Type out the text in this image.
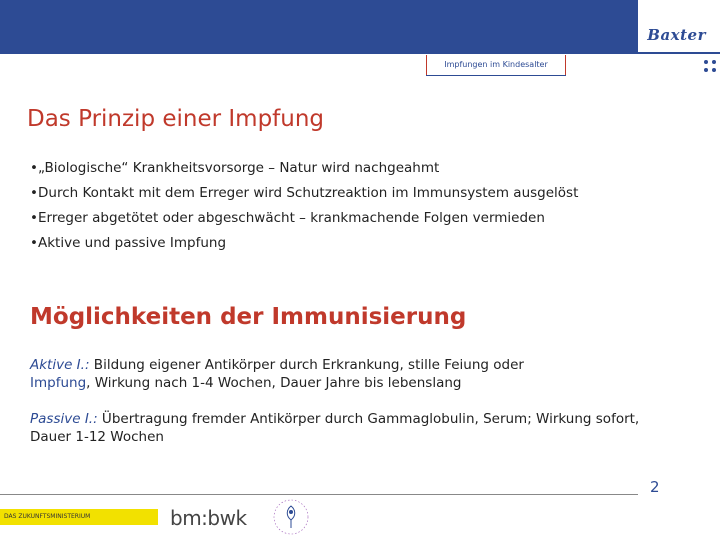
Baxter
Impfungen im Kindesalter
Das Prinzip einer Impfung
•„Biologische“ Krankheitsvorsorge – Natur wird nachgeahmt
•Durch Kontakt mit dem Erreger wird Schutzreaktion im Immunsystem ausgelöst
•Erreger abgetötet oder abgeschwächt – krankmachende Folgen vermieden
•Aktive und passive Impfung
Möglichkeiten der Immunisierung
Aktive I.: Bildung eigener Antikörper durch Erkrankung, stille Feiung oder
Impfung, Wirkung nach 1-4 Wochen, Dauer Jahre bis lebenslang
Passive I.: Übertragung fremder Antikörper durch Gammaglobulin, Serum; Wirkung sofort, Dauer 1-12 Wochen
2
DAS ZUKUNFTSMINISTERIUM	bm:bwk
